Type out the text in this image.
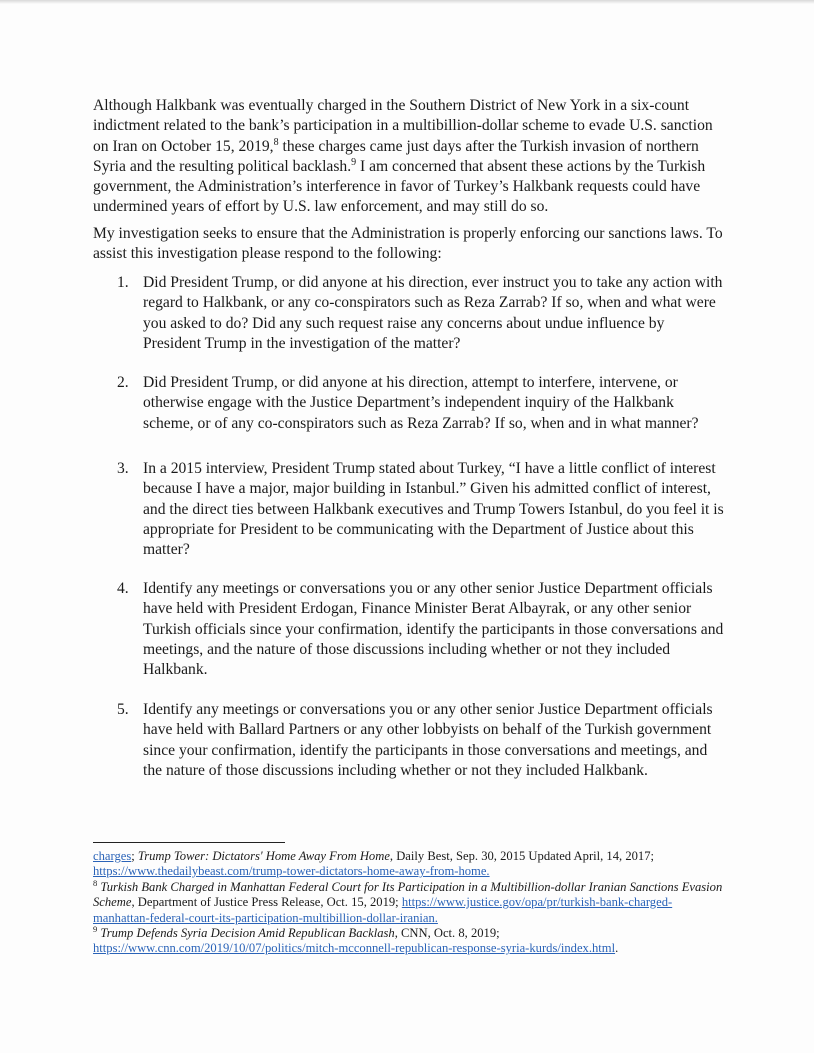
Although Halkbank was eventually charged in the Southern District of New York in a six-count indictment related to the bank’s participation in a multibillion-dollar scheme to evade U.S. sanction on Iran on October 15, 2019,$^8$ these charges came just days after the Turkish invasion of northern Syria and the resulting political backlash.$^9$ I am concerned that absent these actions by the Turkish government, the Administration’s interference in favor of Turkey’s Halkbank requests could have undermined years of effort by U.S. law enforcement, and may still do so.

My investigation seeks to ensure that the Administration is properly enforcing our sanctions laws. To assist this investigation please respond to the following:

1. Did President Trump, or did anyone at his direction, ever instruct you to take any action with regard to Halkbank, or any co-conspirators such as Reza Zarrab? If so, when and what were you asked to do? Did any such request raise any concerns about undue influence by President Trump in the investigation of the matter?
2. Did President Trump, or did anyone at his direction, attempt to interfere, intervene, or otherwise engage with the Justice Department’s independent inquiry of the Halkbank scheme, or of any co-conspirators such as Reza Zarrab? If so, when and in what manner?
3. In a 2015 interview, President Trump stated about Turkey, “I have a little conflict of interest because I have a major, major building in Istanbul.” Given his admitted conflict of interest, and the direct ties between Halkbank executives and Trump Towers Istanbul, do you feel it is appropriate for President to be communicating with the Department of Justice about this matter?
4. Identify any meetings or conversations you or any other senior Justice Department officials have held with President Erdogan, Finance Minister Berat Albayrak, or any other senior Turkish officials since your confirmation, identify the participants in those conversations and meetings, and the nature of those discussions including whether or not they included Halkbank.
5. Identify any meetings or conversations you or any other senior Justice Department officials have held with Ballard Partners or any other lobbyists on behalf of the Turkish government since your confirmation, identify the participants in those conversations and meetings, and the nature of those discussions including whether or not they included Halkbank.

charges; Trump Tower: Dictators' Home Away From Home, Daily Best, Sep. 30, 2015 Updated April, 14, 2017; https://www.thedailybeast.com/trump-tower-dictators-home-away-from-home.

$^8$ Turkish Bank Charged in Manhattan Federal Court for Its Participation in a Multibillion-dollar Iranian Sanctions Evasion Scheme, Department of Justice Press Release, Oct. 15, 2019; https://www.justice.gov/opa/pr/turkish-bank-charged-manhattan-federal-court-its-participation-multibillion-dollar-iranian.

$^9$ Trump Defends Syria Decision Amid Republican Backlash, CNN, Oct. 8, 2019; https://www.cnn.com/2019/10/07/politics/mitch-mcconnell-republican-response-syria-kurds/index.html.
